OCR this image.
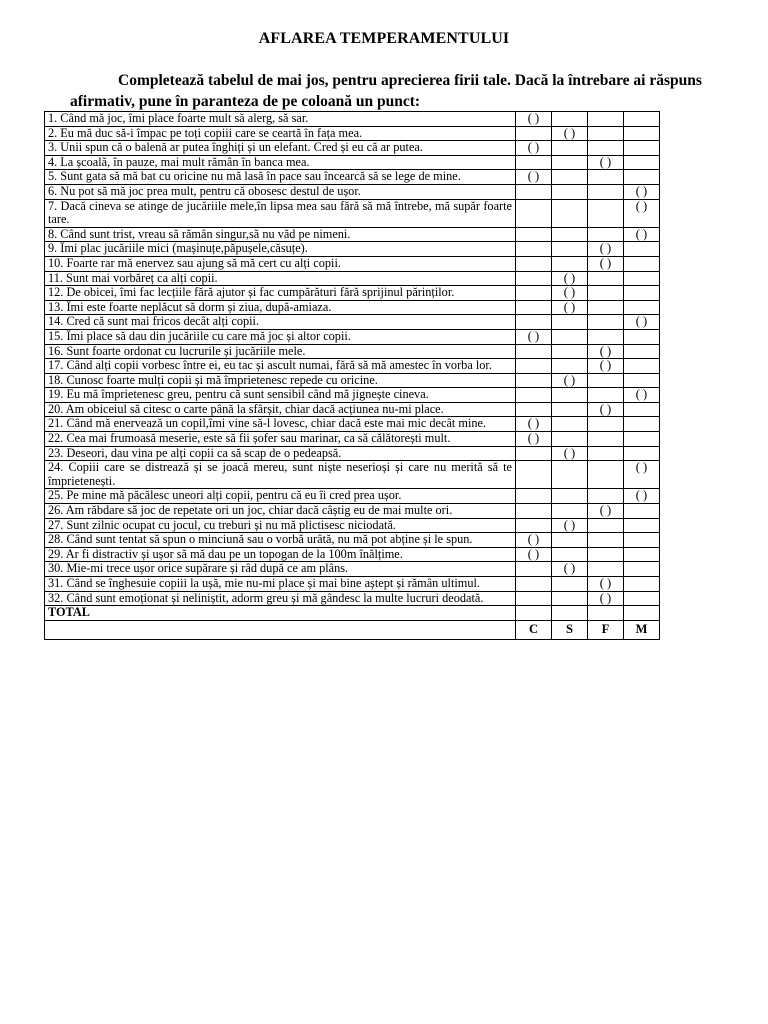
AFLAREA TEMPERAMENTULUI
Completează tabelul de mai jos, pentru aprecierea firii tale. Dacă la întrebare ai răspuns
afirmativ, pune în paranteza de pe coloană un punct:
1. Când mă joc, îmi place foarte mult să alerg, să sar.	( )			
2. Eu mă duc să-i împac pe toți copiii care se ceartă în fața mea.		( )		
3. Unii spun că o balenă ar putea înghiți și un elefant. Cred și eu că ar putea.	( )			
4. La școală, în pauze, mai mult rămân în banca mea.			( )	
5. Sunt gata să mă bat cu oricine nu mă lasă în pace sau încearcă să se lege de mine.	( )			
6. Nu pot să mă joc prea mult, pentru că obosesc destul de ușor.				( )
7. Dacă cineva se atinge de jucăriile mele,în lipsa mea sau fără să mă întrebe, mă supăr foarte tare.				( )
8. Când sunt trist, vreau să rămân singur,să nu văd pe nimeni.				( )
9. Îmi plac jucăriile mici (mașinuțe,păpușele,căsuțe).			( )	
10. Foarte rar mă enervez sau ajung să mă cert cu alți copii.			( )	
11. Sunt mai vorbăreț ca alți copii.		( )		
12. De obicei, îmi fac lecțiile fără ajutor și fac cumpărături fără sprijinul părinților.		( )		
13. Îmi este foarte neplăcut să dorm și ziua, după-amiaza.		( )		
14. Cred că sunt mai fricos decât alți copii.				( )
15. Îmi place să dau din jucăriile cu care mă joc și altor copii.	( )			
16. Sunt foarte ordonat cu lucrurile și jucăriile mele.			( )	
17. Când alți copii vorbesc între ei, eu tac și ascult numai, fără să mă amestec în vorba lor.			( )	
18. Cunosc foarte mulți copii și mă împrietenesc repede cu oricine.		( )		
19. Eu mă împrietenesc greu, pentru că sunt sensibil când mă jignește cineva.				( )
20. Am obiceiul să citesc o carte până la sfârșit, chiar dacă acțiunea nu-mi place.			( )	
21. Când mă enervează un copil,îmi vine să-l lovesc, chiar dacă este mai mic decât mine.	( )			
22. Cea mai frumoasă meserie, este să fii șofer sau marinar, ca să călătorești mult.	( )			
23. Deseori, dau vina pe alți copii ca să scap de o pedeapsă.		( )		
24. Copiii care se distrează și se joacă mereu, sunt niște neserioși și care nu merită să te împrietenești.				( )
25. Pe mine mă păcălesc uneori alți copii, pentru că eu îi cred prea ușor.				( )
26. Am răbdare să joc de repetate ori un joc, chiar dacă câștig eu de mai multe ori.			( )	
27. Sunt zilnic ocupat cu jocul, cu treburi și nu mă plictisesc niciodată.		( )		
28. Când sunt tentat să spun o minciună sau o vorbă urâtă, nu mă pot abține și le spun.	( )			
29. Ar fi distractiv și ușor să mă dau pe un topogan de la 100m înălțime.	( )			
30. Mie-mi trece ușor orice supărare și râd după ce am plâns.		( )		
31. Când se înghesuie copiii la ușă, mie nu-mi place și mai bine aștept și rămân ultimul.			( )	
32. Când sunt emoționat și neliniștit, adorm greu și mă gândesc la multe lucruri deodată.			( )	
TOTAL				
	C	S	F	M
